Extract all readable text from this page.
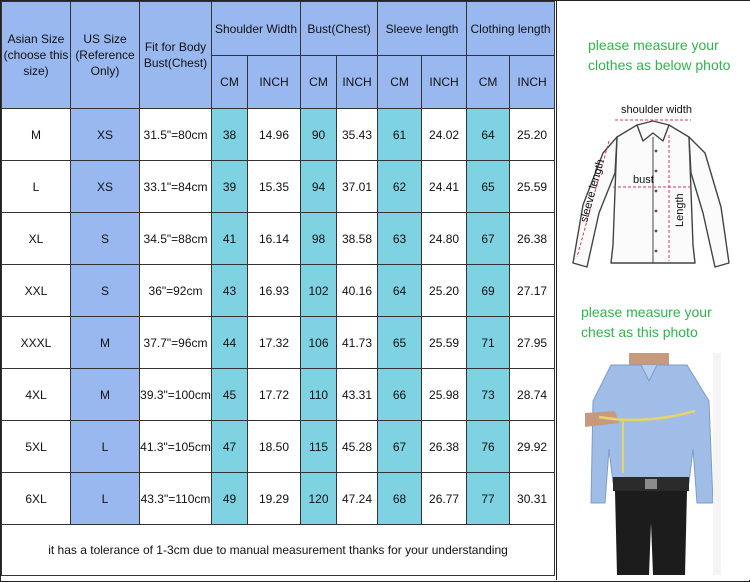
Asian Size (choose this size)	US Size (Reference Only)	Fit for Body Bust(Chest)	Shoulder Width		Bust(Chest)		Sleeve length		Clothing length	
			CM	INCH	CM	INCH	CM	INCH	CM	INCH
M	XS	31.5"=80cm	38	14.96	90	35.43	61	24.02	64	25.20
L	XS	33.1"=84cm	39	15.35	94	37.01	62	24.41	65	25.59
XL	S	34.5"=88cm	41	16.14	98	38.58	63	24.80	67	26.38
XXL	S	36"=92cm	43	16.93	102	40.16	64	25.20	69	27.17
XXXL	M	37.7"=96cm	44	17.32	106	41.73	65	25.59	71	27.95
4XL	M	39.3"=100cm	45	17.72	110	43.31	66	25.98	73	28.74
5XL	L	41.3"=105cm	47	18.50	115	45.28	67	26.38	76	29.92
6XL	L	43.3"=110cm	49	19.29	120	47.24	68	26.77	77	30.31
it has a tolerance of 1-3cm due to manual measurement thanks for your understanding										
please measure your
clothes as below photo
shoulder width
bust
Length
sleeve length
please measure your
chest as this photo
